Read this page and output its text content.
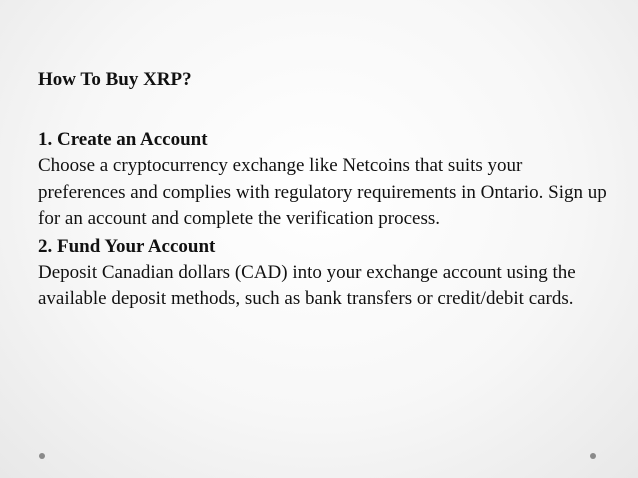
How To Buy XRP?
1. Create an Account

Choose a cryptocurrency exchange like Netcoins that suits your preferences and complies with regulatory requirements in Ontario. Sign up for an account and complete the verification process.

2. Fund Your Account

Deposit Canadian dollars (CAD) into your exchange account using the available deposit methods, such as bank transfers or credit/debit cards.
